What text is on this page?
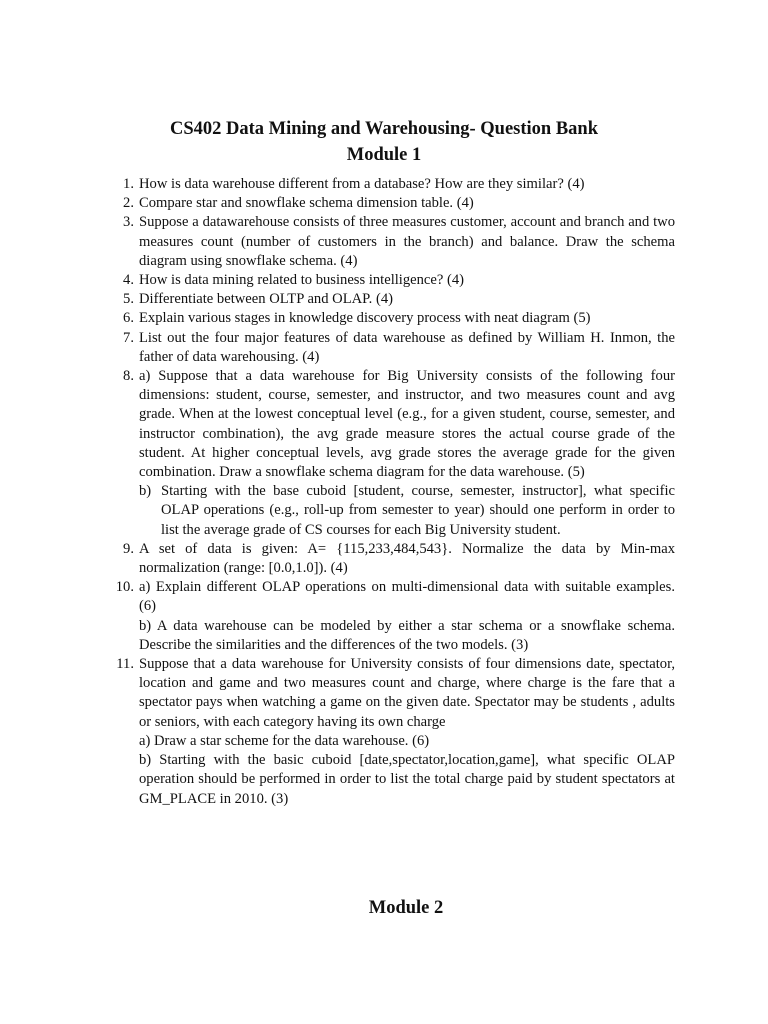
CS402 Data Mining and Warehousing- Question Bank
Module 1
1. How is data warehouse different from a database? How are they similar? (4)
2. Compare star and snowflake schema dimension table. (4)
3. Suppose a datawarehouse consists of three measures customer, account and branch and two measures count (number of customers in the branch) and balance. Draw the schema diagram using snowflake schema. (4)
4. How is data mining related to business intelligence? (4)
5. Differentiate between OLTP and OLAP. (4)
6. Explain various stages in knowledge discovery process with neat diagram (5)
7. List out the four major features of data warehouse as defined by William H. Inmon, the father of data warehousing. (4)
8. a) Suppose that a data warehouse for Big University consists of the following four dimensions: student, course, semester, and instructor, and two measures count and avg grade. When at the lowest conceptual level (e.g., for a given student, course, semester, and instructor combination), the avg grade measure stores the actual course grade of the student. At higher conceptual levels, avg grade stores the average grade for the given combination. Draw a snowflake schema diagram for the data warehouse. (5)
b) Starting with the base cuboid [student, course, semester, instructor], what specific OLAP operations (e.g., roll-up from semester to year) should one perform in order to list the average grade of CS courses for each Big University student.
9. A set of data is given: A= {115,233,484,543}. Normalize the data by Min-max normalization (range: [0.0,1.0]). (4)
10. a) Explain different OLAP operations on multi-dimensional data with suitable examples. (6)
b) A data warehouse can be modeled by either a star schema or a snowflake schema. Describe the similarities and the differences of the two models. (3)
11. Suppose that a data warehouse for University consists of four dimensions date, spectator, location and game and two measures count and charge, where charge is the fare that a spectator pays when watching a game on the given date. Spectator may be students , adults or seniors, with each category having its own charge
a) Draw a star scheme for the data warehouse. (6)
b) Starting with the basic cuboid [date,spectator,location,game], what specific OLAP operation should be performed in order to list the total charge paid by student spectators at GM_PLACE in 2010. (3)
Module 2
